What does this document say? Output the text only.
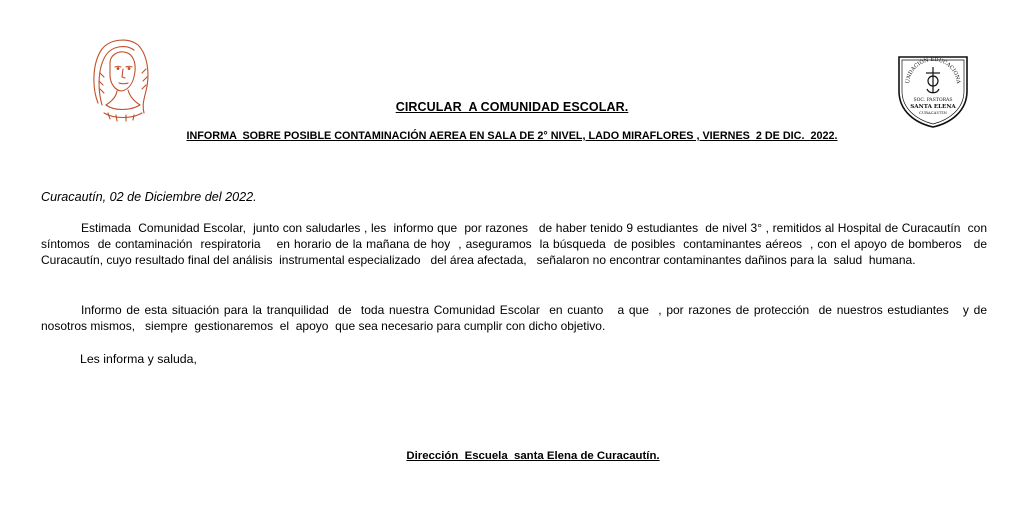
UNDACIÓN EDUCACIONA
SOC. PASTORAS
SANTA ELENA
CURACAUTIN
CIRCULAR  A COMUNIDAD ESCOLAR.
INFORMA  SOBRE POSIBLE CONTAMINACIÓN AEREA EN SALA DE 2° NIVEL, LADO MIRAFLORES , VIERNES  2 DE DIC.  2022.
Curacautín, 02 de Diciembre del 2022.
Estimada  Comunidad Escolar,  junto con saludarles , les  informo que  por razones   de haber tenido 9 estudiantes  de nivel 3° , remitidos al Hospital de Curacautín  con síntomos  de contaminación  respiratoria    en horario de la mañana de hoy  , aseguramos  la búsqueda  de posibles  contaminantes aéreos  , con el apoyo de bomberos   de Curacautín, cuyo resultado final del análisis  instrumental especializado   del área afectada,   señalaron no encontrar contaminantes dañinos para la  salud  humana.
Informo de esta situación para la tranquilidad  de  toda nuestra Comunidad Escolar  en cuanto   a que  , por razones de protección  de nuestros estudiantes   y de nosotros mismos,   siempre  gestionaremos  el  apoyo  que sea necesario para cumplir con dicho objetivo.
Les informa y saluda,
Dirección  Escuela  santa Elena de Curacautín.
